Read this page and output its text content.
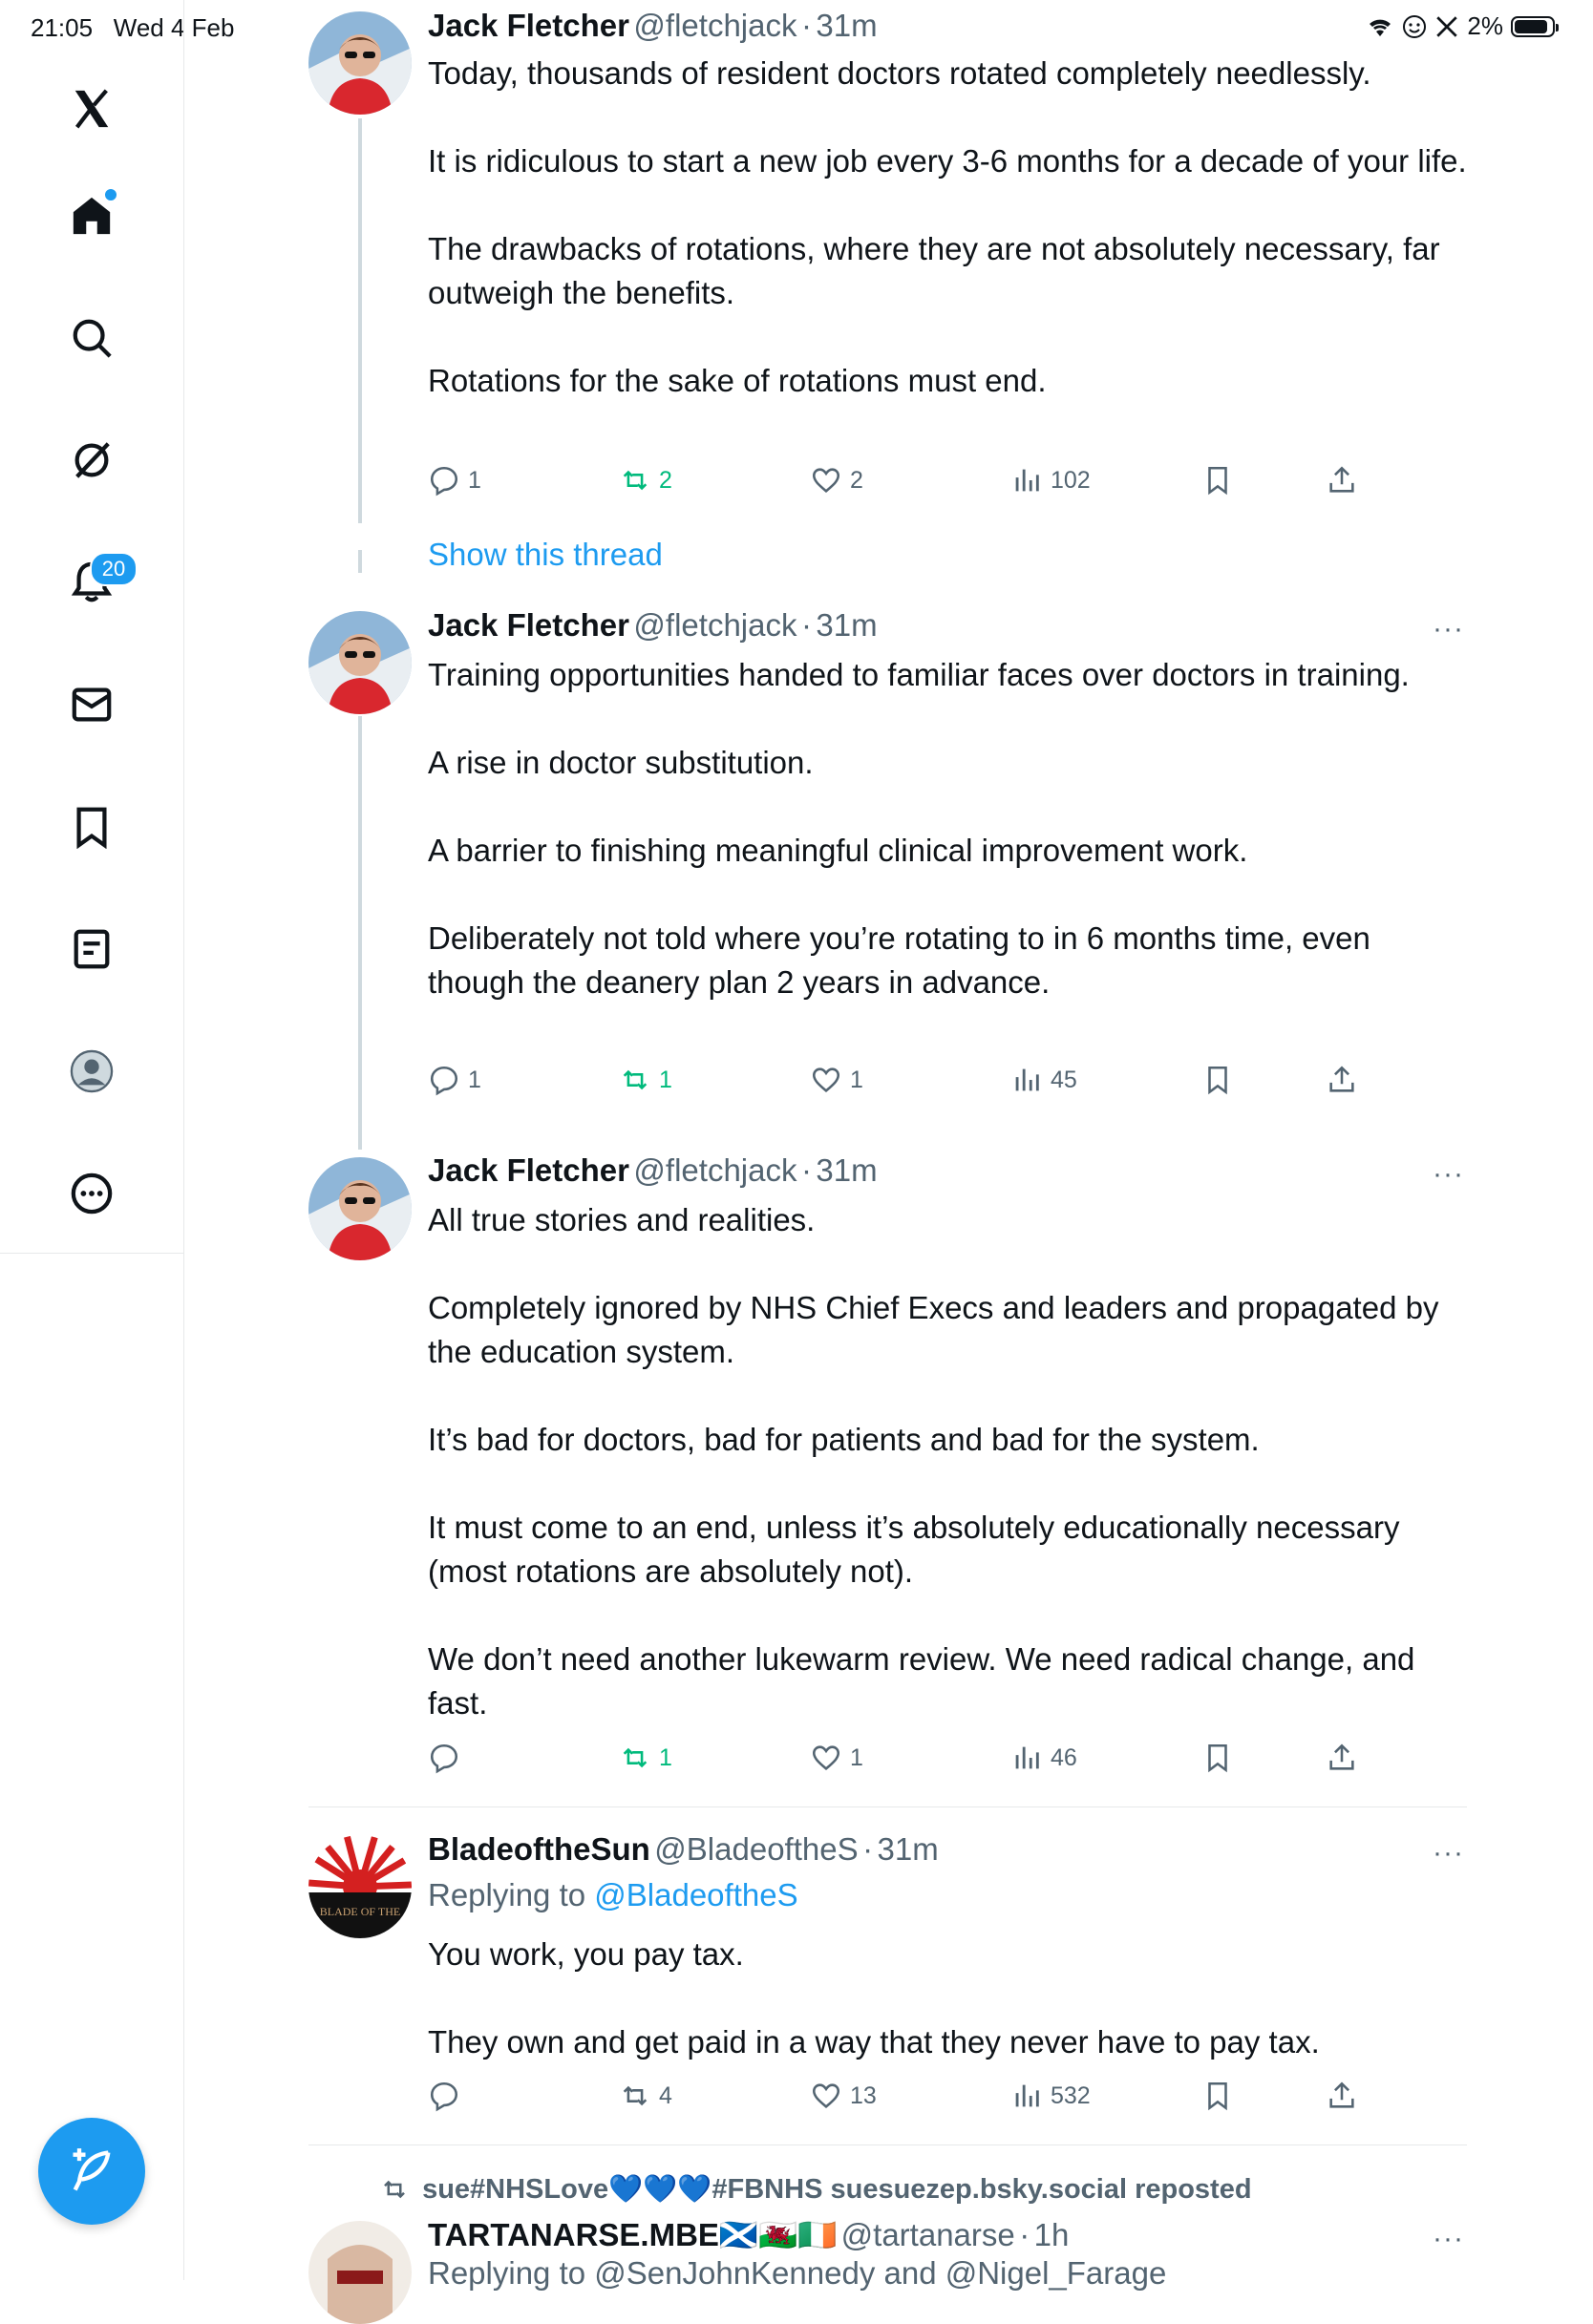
21:05 Wed 4 Feb	2%
20
Jack Fletcher @fletchjack · 31m

Today, thousands of resident doctors rotated completely needlessly.

It is ridiculous to start a new job every 3-6 months for a decade of your life.

The drawbacks of rotations, where they are not absolutely necessary, far outweigh the benefits.

Rotations for the sake of rotations must end.

1	2	2	102
Show this thread
Jack Fletcher @fletchjack · 31m	···

Training opportunities handed to familiar faces over doctors in training.

A rise in doctor substitution.

A barrier to finishing meaningful clinical improvement work.

Deliberately not told where you’re rotating to in 6 months time, even though the deanery plan 2 years in advance.

1	1	1	45
Jack Fletcher @fletchjack · 31m	···

All true stories and realities.

Completely ignored by NHS Chief Execs and leaders and propagated by the education system.

It’s bad for doctors, bad for patients and bad for the system.

It must come to an end, unless it’s absolutely educationally necessary (most rotations are absolutely not).

We don’t need another lukewarm review. We need radical change, and fast.

1	1	46
BLADE OF THE
BladeoftheSun @BladeoftheS · 31m	···
Replying to @BladeoftheS

You work, you pay tax.

They own and get paid in a way that they never have to pay tax.

4	13	532
sue#NHSLove💙💙💙#FBNHS suesuezep.bsky.social reposted
TARTANARSE.MBE🏴󠁧󠁢󠁳󠁣󠁴󠁿🏴󠁧󠁢󠁷󠁬󠁳󠁿🇮🇪 @tartanarse · 1h	···
Replying to @SenJohnKennedy and @Nigel_Farage
